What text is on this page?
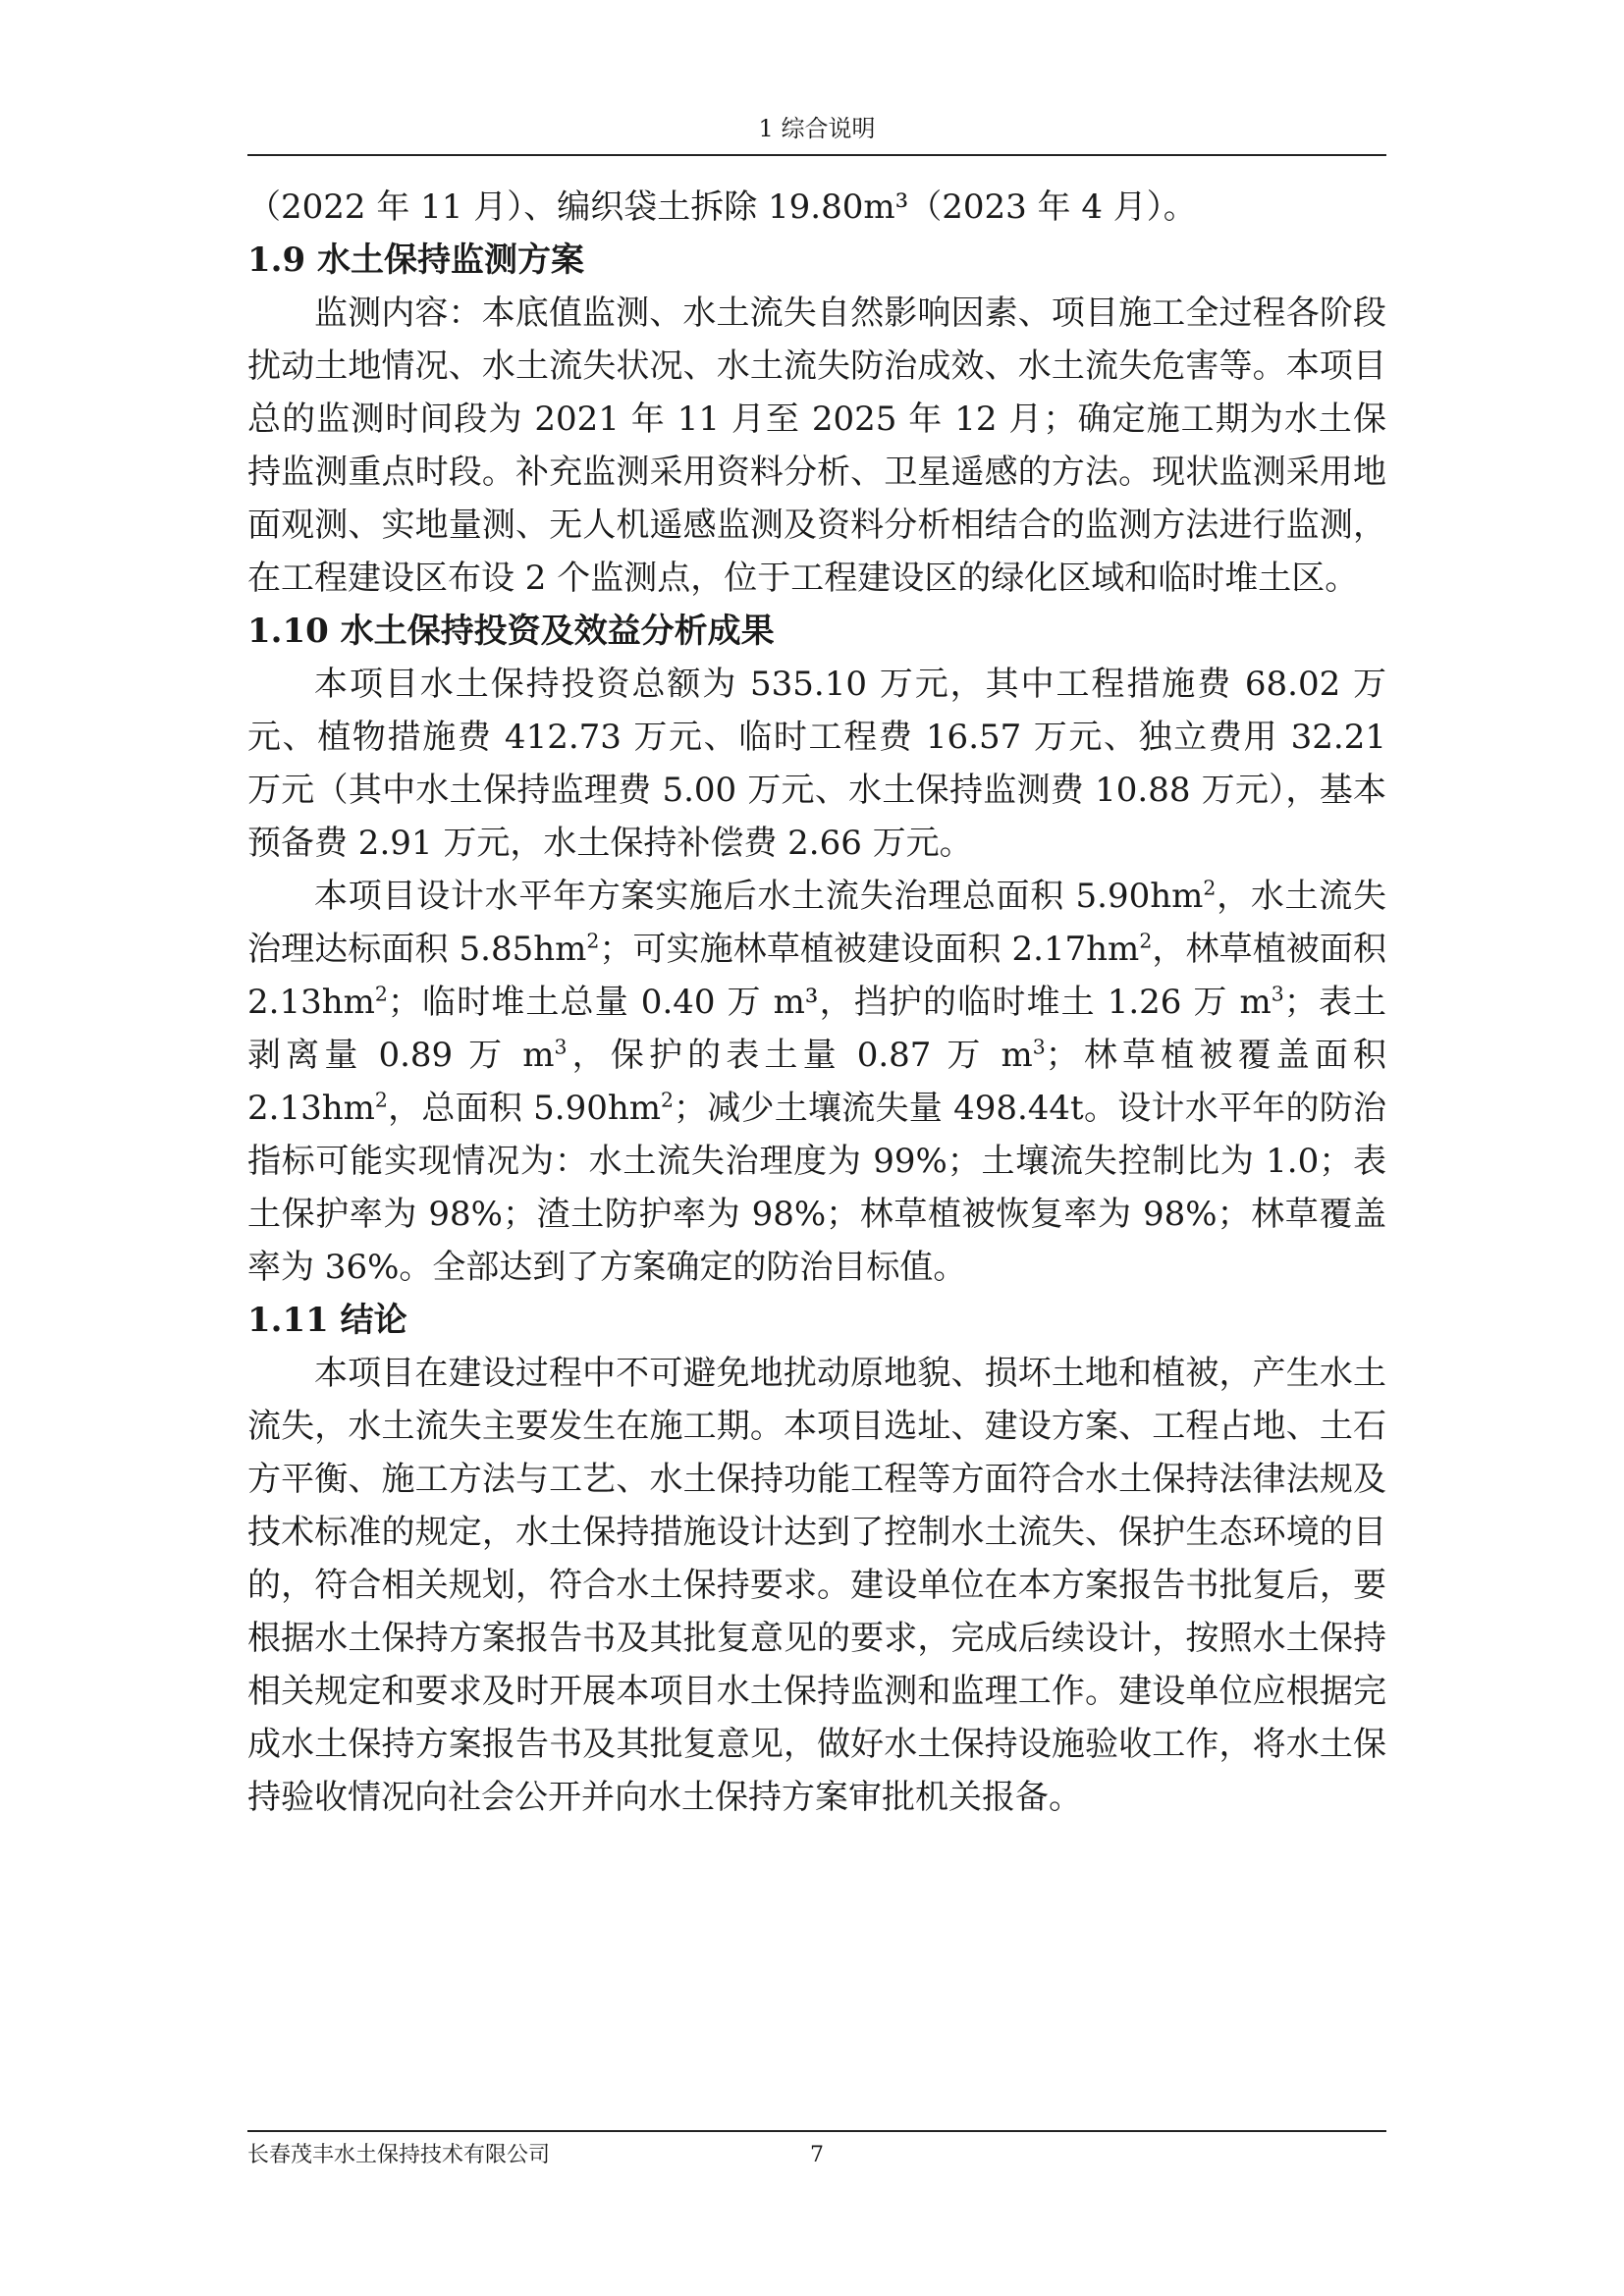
1 综合说明

（2022 年 11 月）、编织袋土拆除 19.80m³（2023 年 4 月）。

1.9 水土保持监测方案

监测内容：本底值监测、水土流失自然影响因素、项目施工全过程各阶段扰动土地情况、水土流失状况、水土流失防治成效、水土流失危害等。本项目总的监测时间段为 2021 年 11 月至 2025 年 12 月；确定施工期为水土保持监测重点时段。补充监测采用资料分析、卫星遥感的方法。现状监测采用地面观测、实地量测、无人机遥感监测及资料分析相结合的监测方法进行监测，在工程建设区布设 2 个监测点，位于工程建设区的绿化区域和临时堆土区。

1.10 水土保持投资及效益分析成果

本项目水土保持投资总额为 535.10 万元，其中工程措施费 68.02 万元、植物措施费 412.73 万元、临时工程费 16.57 万元、独立费用 32.21 万元（其中水土保持监理费 5.00 万元、水土保持监测费 10.88 万元），基本预备费 2.91 万元，水土保持补偿费 2.66 万元。

本项目设计水平年方案实施后水土流失治理总面积 $5.90hm^2$，水土流失治理达标面积 $5.85hm^2$；可实施林草植被建设面积 $2.17hm^2$，林草植被面积 $2.13hm^2$；临时堆土总量 0.40 万 m³，挡护的临时堆土 1.26 万 $m^3$；表土剥离量 0.89 万 $m^3$，保护的表土量 0.87 万 $m^3$；林草植被覆盖面积 $2.13hm^2$，总面积 $5.90hm^2$；减少土壤流失量 498.44t。设计水平年的防治指标可能实现情况为：水土流失治理度为 99%；土壤流失控制比为 1.0；表土保护率为 98%；渣土防护率为 98%；林草植被恢复率为 98%；林草覆盖率为 36%。全部达到了方案确定的防治目标值。

1.11 结论

本项目在建设过程中不可避免地扰动原地貌、损坏土地和植被，产生水土流失，水土流失主要发生在施工期。本项目选址、建设方案、工程占地、土石方平衡、施工方法与工艺、水土保持功能工程等方面符合水土保持法律法规及技术标准的规定，水土保持措施设计达到了控制水土流失、保护生态环境的目的，符合相关规划，符合水土保持要求。建设单位在本方案报告书批复后，要根据水土保持方案报告书及其批复意见的要求，完成后续设计，按照水土保持相关规定和要求及时开展本项目水土保持监测和监理工作。建设单位应根据完成水土保持方案报告书及其批复意见，做好水土保持设施验收工作，将水土保持验收情况向社会公开并向水土保持方案审批机关报备。

长春茂丰水土保持技术有限公司	7
